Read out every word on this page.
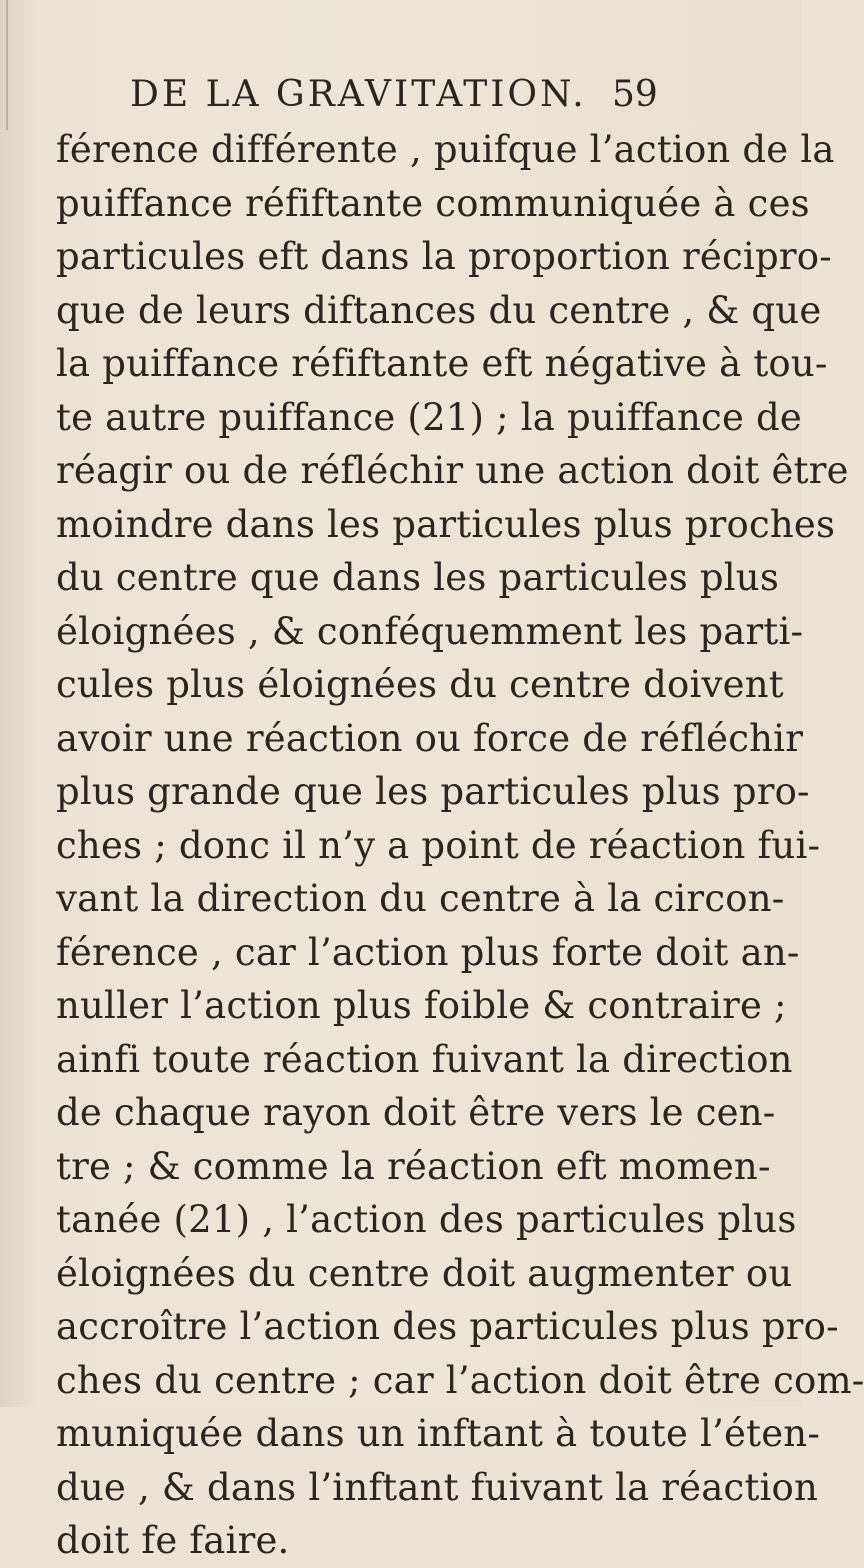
DE LA GRAVITATION. 59
férence différente , puifque l’action de la
puiffance réfiftante communiquée à ces
particules eft dans la proportion récipro-
que de leurs diftances du centre , & que
la puiffance réfiftante eft négative à tou-
te autre puiffance (21) ; la puiffance de
réagir ou de réfléchir une action doit être
moindre dans les particules plus proches
du centre que dans les particules plus
éloignées , & conféquemment les parti-
cules plus éloignées du centre doivent
avoir une réaction ou force de réfléchir
plus grande que les particules plus pro-
ches ; donc il n’y a point de réaction fui-
vant la direction du centre à la circon-
férence , car l’action plus forte doit an-
nuller l’action plus foible & contraire ;
ainfi toute réaction fuivant la direction
de chaque rayon doit être vers le cen-
tre ; & comme la réaction eft momen-
tanée (21) , l’action des particules plus
éloignées du centre doit augmenter ou
accroître l’action des particules plus pro-
ches du centre ; car l’action doit être com-
muniquée dans un inftant à toute l’éten-
due , & dans l’inftant fuivant la réaction
doit fe faire.
